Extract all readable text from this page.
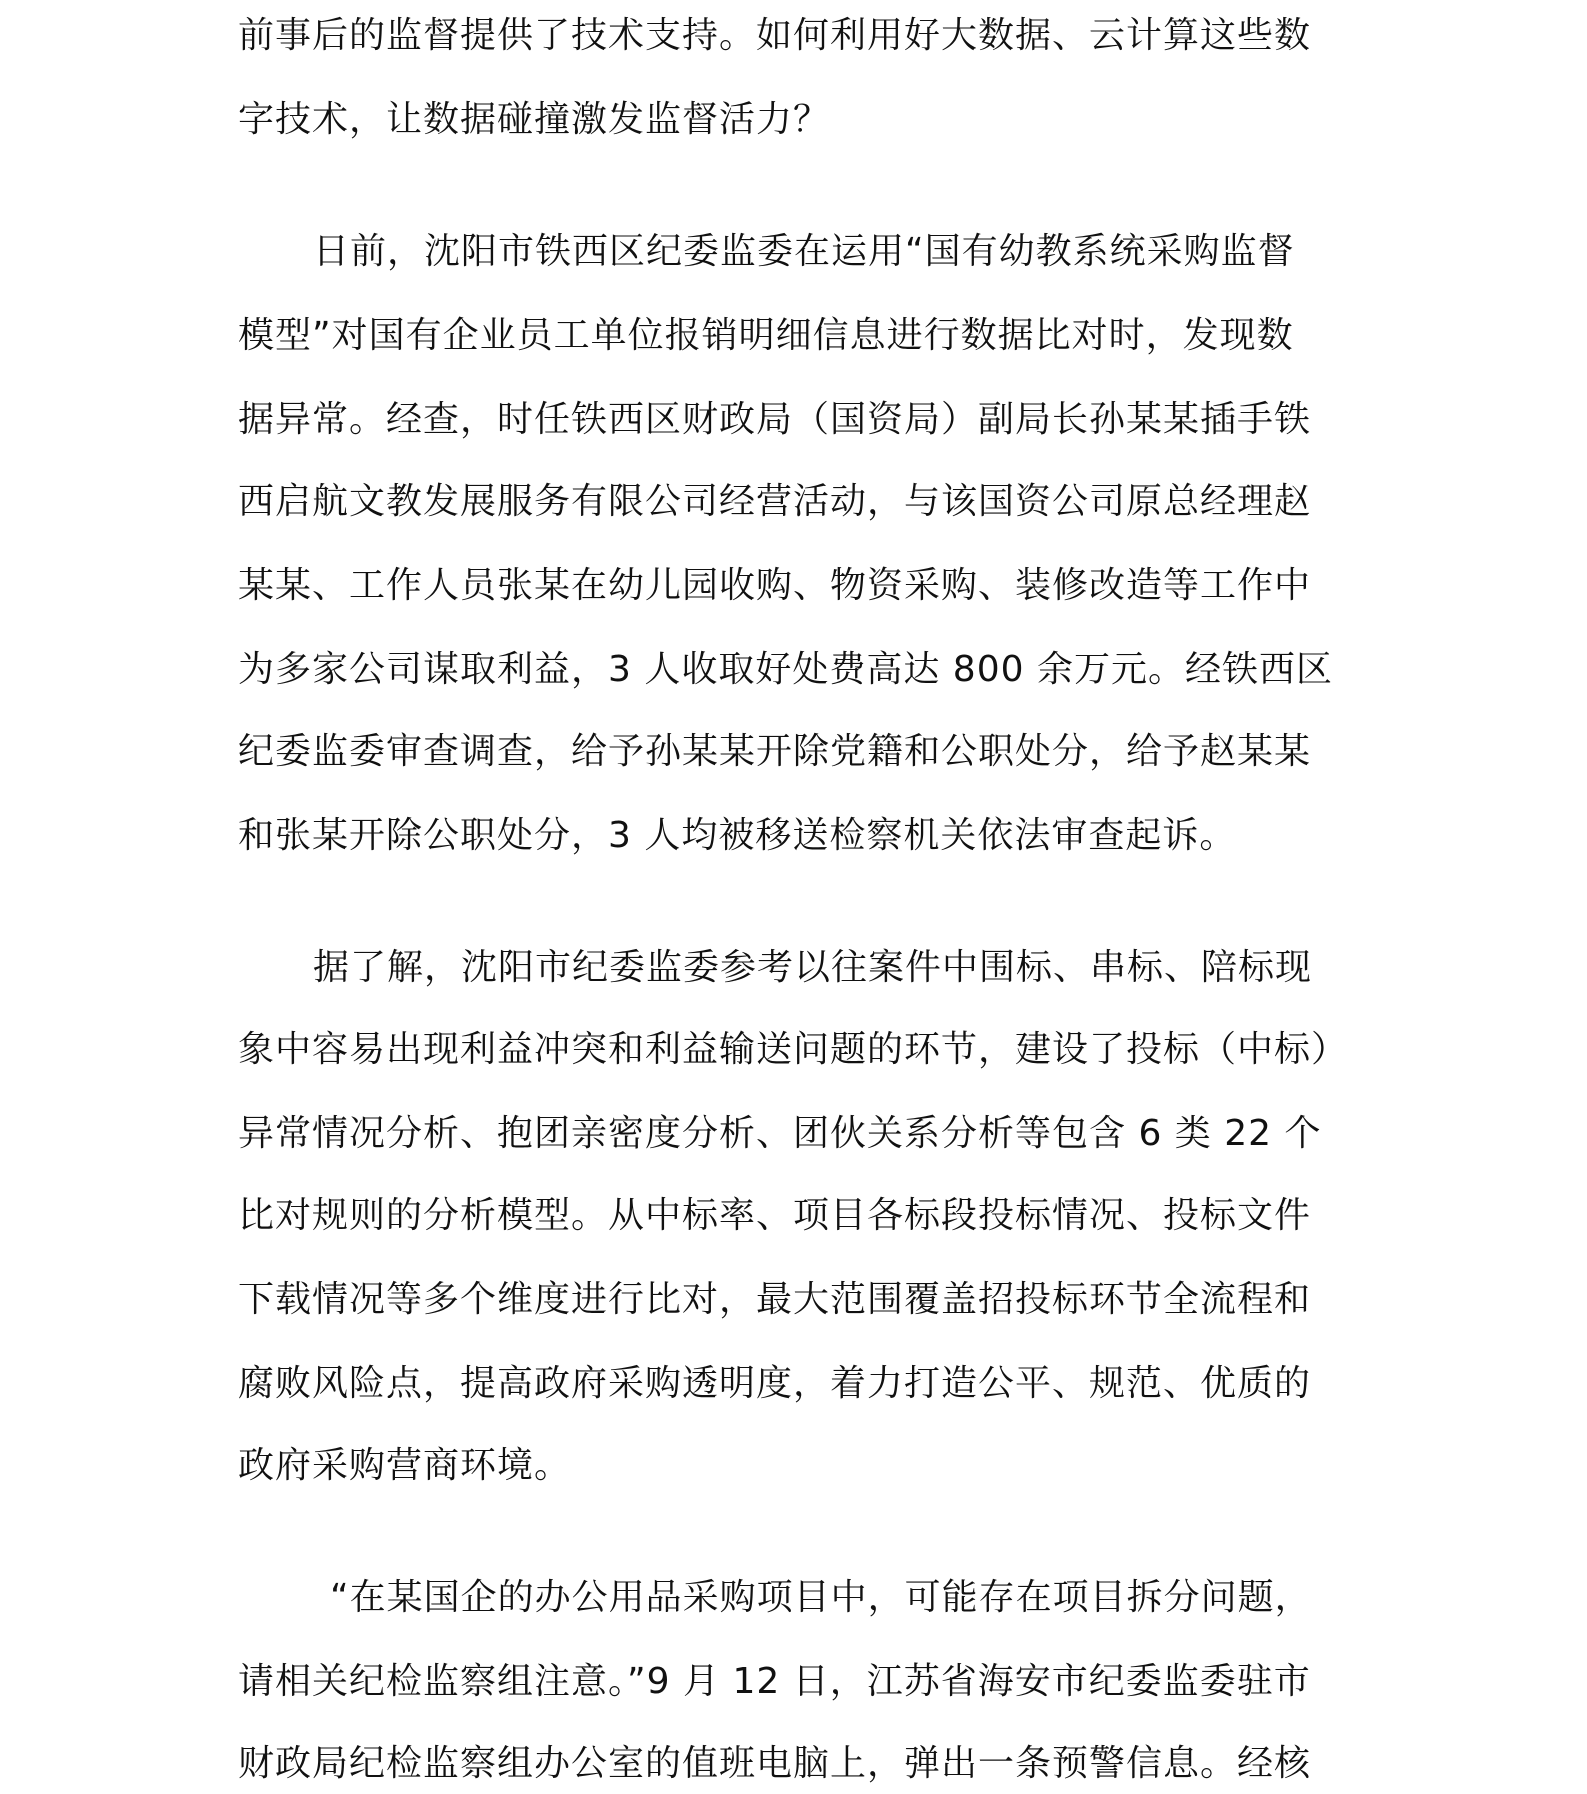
前事后的监督提供了技术支持。如何利用好大数据、云计算这些数
字技术，让数据碰撞激发监督活力？
日前，沈阳市铁西区纪委监委在运用“国有幼教系统采购监督
模型”对国有企业员工单位报销明细信息进行数据比对时，发现数
据异常。经查，时任铁西区财政局（国资局）副局长孙某某插手铁
西启航文教发展服务有限公司经营活动，与该国资公司原总经理赵
某某、工作人员张某在幼儿园收购、物资采购、装修改造等工作中
为多家公司谋取利益，3 人收取好处费高达 800 余万元。经铁西区
纪委监委审查调查，给予孙某某开除党籍和公职处分，给予赵某某
和张某开除公职处分，3 人均被移送检察机关依法审查起诉。
据了解，沈阳市纪委监委参考以往案件中围标、串标、陪标现
象中容易出现利益冲突和利益输送问题的环节，建设了投标（中标）
异常情况分析、抱团亲密度分析、团伙关系分析等包含 6 类 22 个
比对规则的分析模型。从中标率、项目各标段投标情况、投标文件
下载情况等多个维度进行比对，最大范围覆盖招投标环节全流程和
腐败风险点，提高政府采购透明度，着力打造公平、规范、优质的
政府采购营商环境。
“在某国企的办公用品采购项目中，可能存在项目拆分问题，
请相关纪检监察组注意。”9 月 12 日，江苏省海安市纪委监委驻市
财政局纪检监察组办公室的值班电脑上，弹出一条预警信息。经核
